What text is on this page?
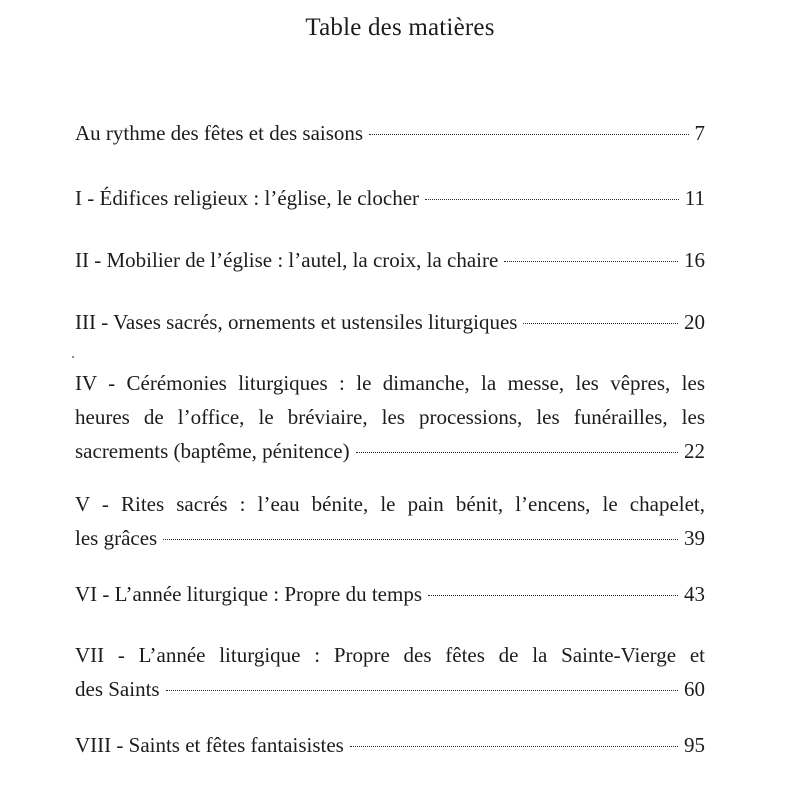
Table des matières
Au rythme des fêtes et des saisons	7
I - Édifices religieux : l’église, le clocher	11
II - Mobilier de l’église : l’autel, la croix, la chaire	16
III - Vases sacrés, ornements et ustensiles liturgiques	20
IV - Cérémonies liturgiques : le dimanche, la messe, les vêpres, les
heures de l’office, le bréviaire, les processions, les funérailles, les
sacrements (baptême, pénitence)	22
V - Rites sacrés : l’eau bénite, le pain bénit, l’encens, le chapelet,
les grâces	39
VI - L’année liturgique : Propre du temps	43
VII - L’année liturgique : Propre des fêtes de la Sainte-Vierge et
des Saints	60
VIII - Saints et fêtes fantaisistes	95
